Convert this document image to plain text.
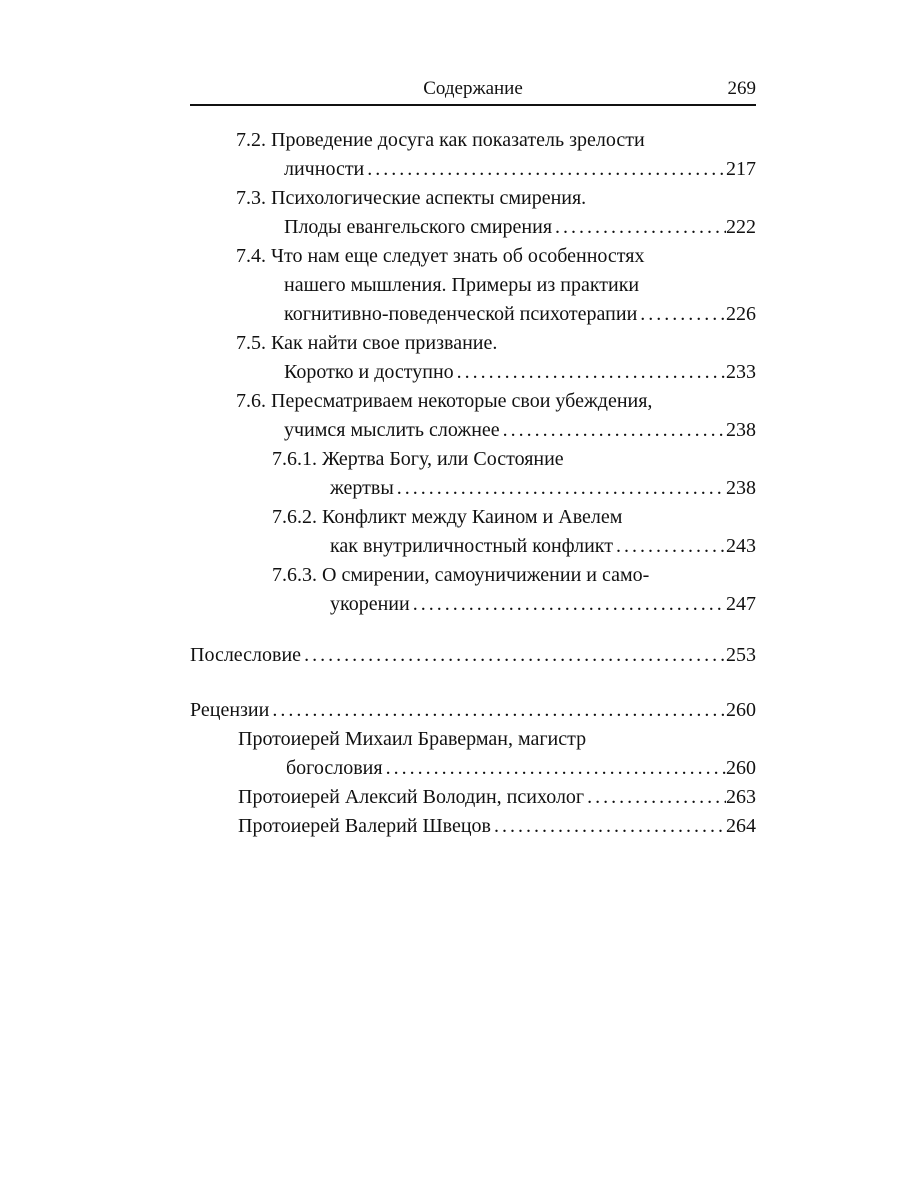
Содержание	269
7.2. Проведение досуга как показатель зрелости
личности . . .	217
7.3. Психологические аспекты смирения.
Плоды евангельского смирения . . .	222
7.4. Что нам еще следует знать об особенностях
нашего мышления. Примеры из практики
когнитивно-поведенческой психотерапии . . .	226
7.5. Как найти свое призвание.
Коротко и доступно . . .	233
7.6. Пересматриваем некоторые свои убеждения,
учимся мыслить сложнее . . .	238
7.6.1. Жертва Богу, или Состояние
жертвы . . .	238
7.6.2. Конфликт между Каином и Авелем
как внутриличностный конфликт . . .	243
7.6.3. О смирении, самоуничижении и само-
укорении . . .	247
Послесловие . . .	253
Рецензии . . .	260
Протоиерей Михаил Браверман, магистр
богословия . . .	260
Протоиерей Алексий Володин, психолог . . .	263
Протоиерей Валерий Швецов . . .	264
